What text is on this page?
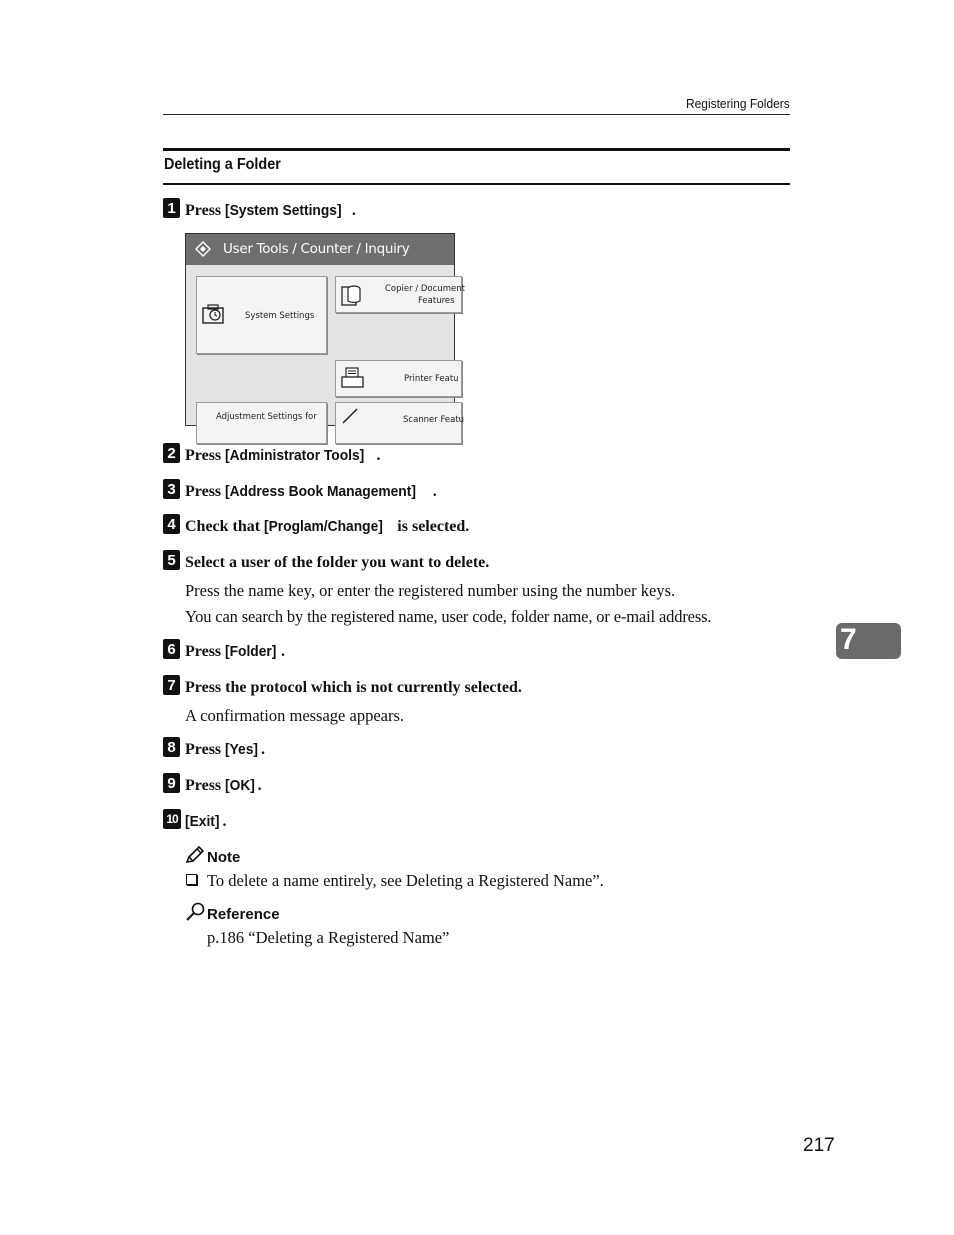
Registering Folders
Deleting a Folder
1 Press [System Settings] .
User Tools / Counter / Inquiry
System Settings
Copier / Document
Features
Printer Featu
Adjustment Settings for	Scanner Featu
2 Press [Administrator Tools] .
3 Press [Address Book Management] .
4 Check that [Proglam/Change] is selected.
5 Select a user of the folder you want to delete.
Press the name key, or enter the registered number using the number keys.
You can search by the registered name, user code, folder name, or e-mail address.
7
6 Press [Folder] .
7 Press the protocol which is not currently selected.
A confirmation message appears.
8 Press [Yes] .
9 Press [OK] .
10 [Exit] .
Note
To delete a name entirely, see Deleting a Registered Name”.
Reference
p.186 “Deleting a Registered Name”
217
